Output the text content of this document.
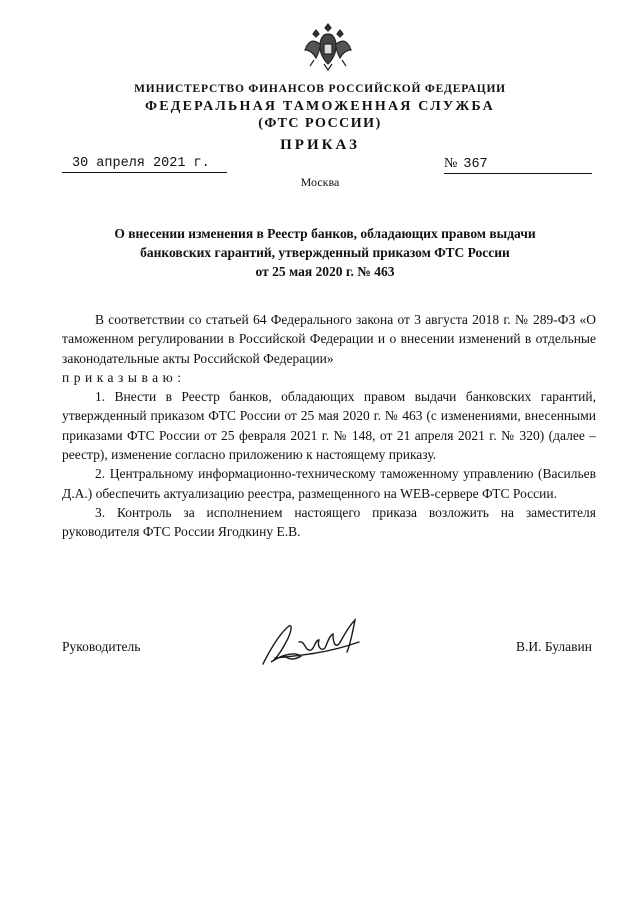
МИНИСТЕРСТВО ФИНАНСОВ РОССИЙСКОЙ ФЕДЕРАЦИИ
ФЕДЕРАЛЬНАЯ ТАМОЖЕННАЯ СЛУЖБА
(ФТС РОССИИ)
ПРИКАЗ
30 апреля 2021 г.	№ 367
Москва
О внесении изменения в Реестр банков, обладающих правом выдачи
банковских гарантий, утвержденный приказом ФТС России
от 25 мая 2020 г. № 463

В соответствии со статьей 64 Федерального закона от 3 августа 2018 г. № 289-ФЗ «О таможенном регулировании в Российской Федерации и о внесении изменений в отдельные законодательные акты Российской Федерации»

приказываю:

1. Внести в Реестр банков, обладающих правом выдачи банковских гарантий, утвержденный приказом ФТС России от 25 мая 2020 г. № 463 (с изменениями, внесенными приказами ФТС России от 25 февраля 2021 г. № 148, от 21 апреля 2021 г. № 320) (далее – реестр), изменение согласно приложению к настоящему приказу.

2. Центральному информационно-техническому таможенному управлению (Васильев Д.А.) обеспечить актуализацию реестра, размещенного на WEB-сервере ФТС России.

3. Контроль за исполнением настоящего приказа возложить на заместителя руководителя ФТС России Ягодкину Е.В.

Руководитель	В.И. Булавин
